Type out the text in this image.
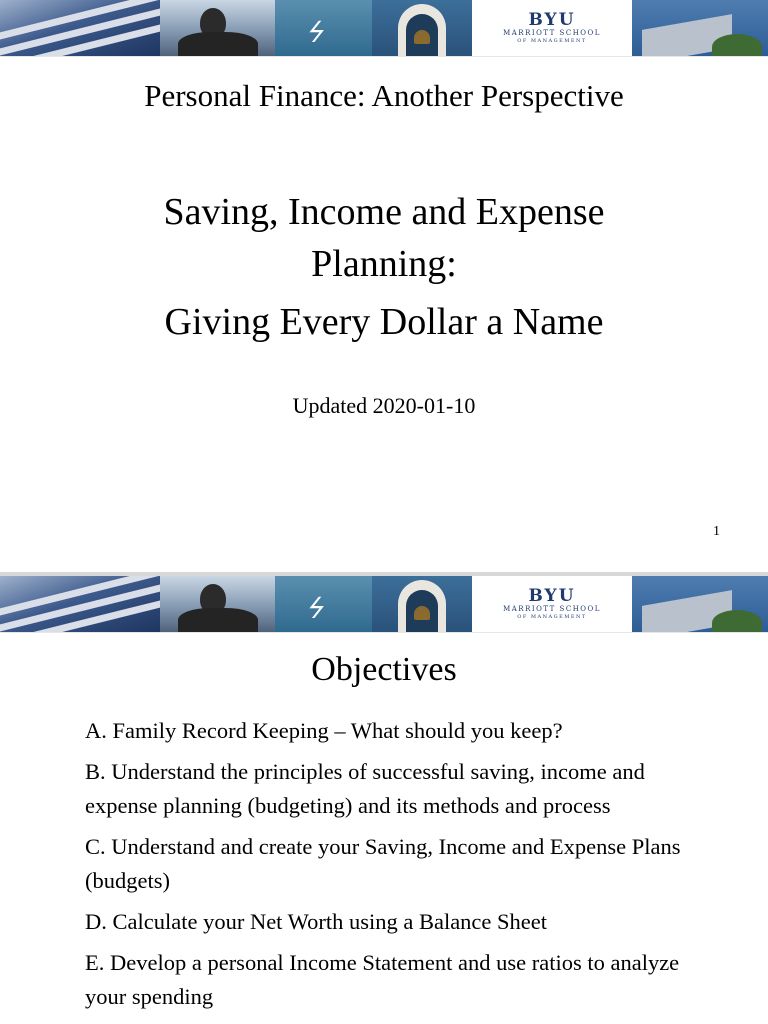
ϟ	BYU
MARRIOTT SCHOOL
OF MANAGEMENT
Personal Finance: Another Perspective
Saving, Income and Expense
Planning:
Giving Every Dollar a Name
Updated 2020-01-10
1
ϟ	BYU
MARRIOTT SCHOOL
OF MANAGEMENT
Objectives
A. Family Record Keeping – What should you keep?
B. Understand the principles of successful saving, income and expense planning (budgeting) and its methods and process
C. Understand and create your Saving, Income and Expense Plans (budgets)
D. Calculate your Net Worth using a Balance Sheet
E. Develop a personal Income Statement and use ratios to analyze your spending
